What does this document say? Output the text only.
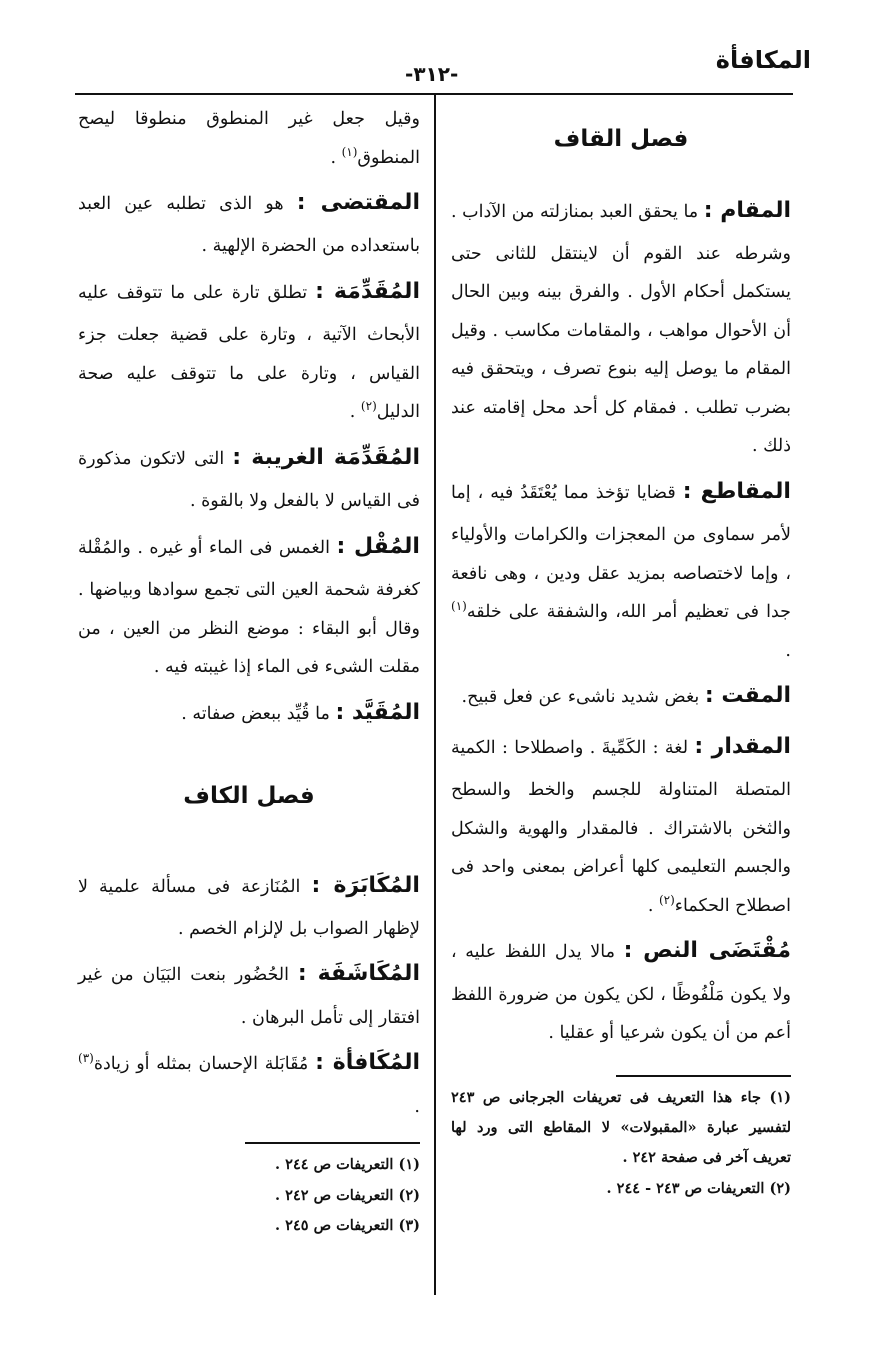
المكافأة
-٣١٢-
فصل القاف

المقام : ما يحقق العبد بمنازلته من الآداب . وشرطه عند القوم أن لاينتقل للثانى حتى يستكمل أحكام الأول . والفرق بينه وبين الحال أن الأحوال مواهب ، والمقامات مكاسب . وقيل المقام ما يوصل إليه بنوع تصرف ، ويتحقق فيه بضرب تطلب . فمقام كل أحد محل إقامته عند ذلك .

المقاطع : قضايا تؤخذ مما يُعْتَقَدُ فيه ، إما لأمر سماوى من المعجزات والكرامات والأولياء ، وإما لاختصاصه بمزيد عقل ودين ، وهى نافعة جدا فى تعظيم أمر الله، والشفقة على خلقه$^{(١)}$ .

المقت : بغض شديد ناشىء عن فعل قبيح.

المقدار : لغة : الكَمِّيةَ . واصطلاحا : الكمية المتصلة المتناولة للجسم والخط والسطح والثخن بالاشتراك . فالمقدار والهوية والشكل والجسم التعليمى كلها أعراض بمعنى واحد فى اصطلاح الحكماء$^{(٢)}$ .

مُقْتَضَى النص : مالا يدل اللفظ عليه ، ولا يكون مَلْفُوظًا ، لكن يكون من ضرورة اللفظ أعم من أن يكون شرعيا أو عقليا .

(١) جاء هذا التعريف فى تعريفات الجرجانى ص ٢٤٣ لتفسير عبارة «المقبولات» لا المقاطع التى ورد لها تعريف آخر فى صفحة ٢٤٢ .

(٢) التعريفات ص ٢٤٣ - ٢٤٤ .

وقيل جعل غير المنطوق منطوقا ليصح المنطوق$^{(١)}$ .

المقتضى : هو الذى تطلبه عين العبد باستعداده من الحضرة الإلهية .

المُقَدِّمَة : تطلق تارة على ما تتوقف عليه الأبحاث الآتية ، وتارة على قضية جعلت جزء القياس ، وتارة على ما تتوقف عليه صحة الدليل$^{(٢)}$ .

المُقَدِّمَة الغريبة : التى لاتكون مذكورة فى القياس لا بالفعل ولا بالقوة .

المُقْل : الغمس فى الماء أو غيره . والمُقْلة كغرفة شحمة العين التى تجمع سوادها وبياضها . وقال أبو البقاء : موضع النظر من العين ، من مقلت الشىء فى الماء إذا غيبته فيه .

المُقَيَّد : ما قُيِّد ببعض صفاته .

فصل الكاف

المُكَابَرَة : المُنَازعة فى مسألة علمية لا لإظهار الصواب بل لإلزام الخصم .

المُكَاشَفَة : الحُضُور بنعت البَيَان من غير افتقار إلى تأمل البرهان .

المُكَافأة : مُقَابَلة الإحسان بمثله أو زيادة$^{(٣)}$ .

(١) التعريفات ص ٢٤٤ .

(٢) التعريفات ص ٢٤٢ .

(٣) التعريفات ص ٢٤٥ .
